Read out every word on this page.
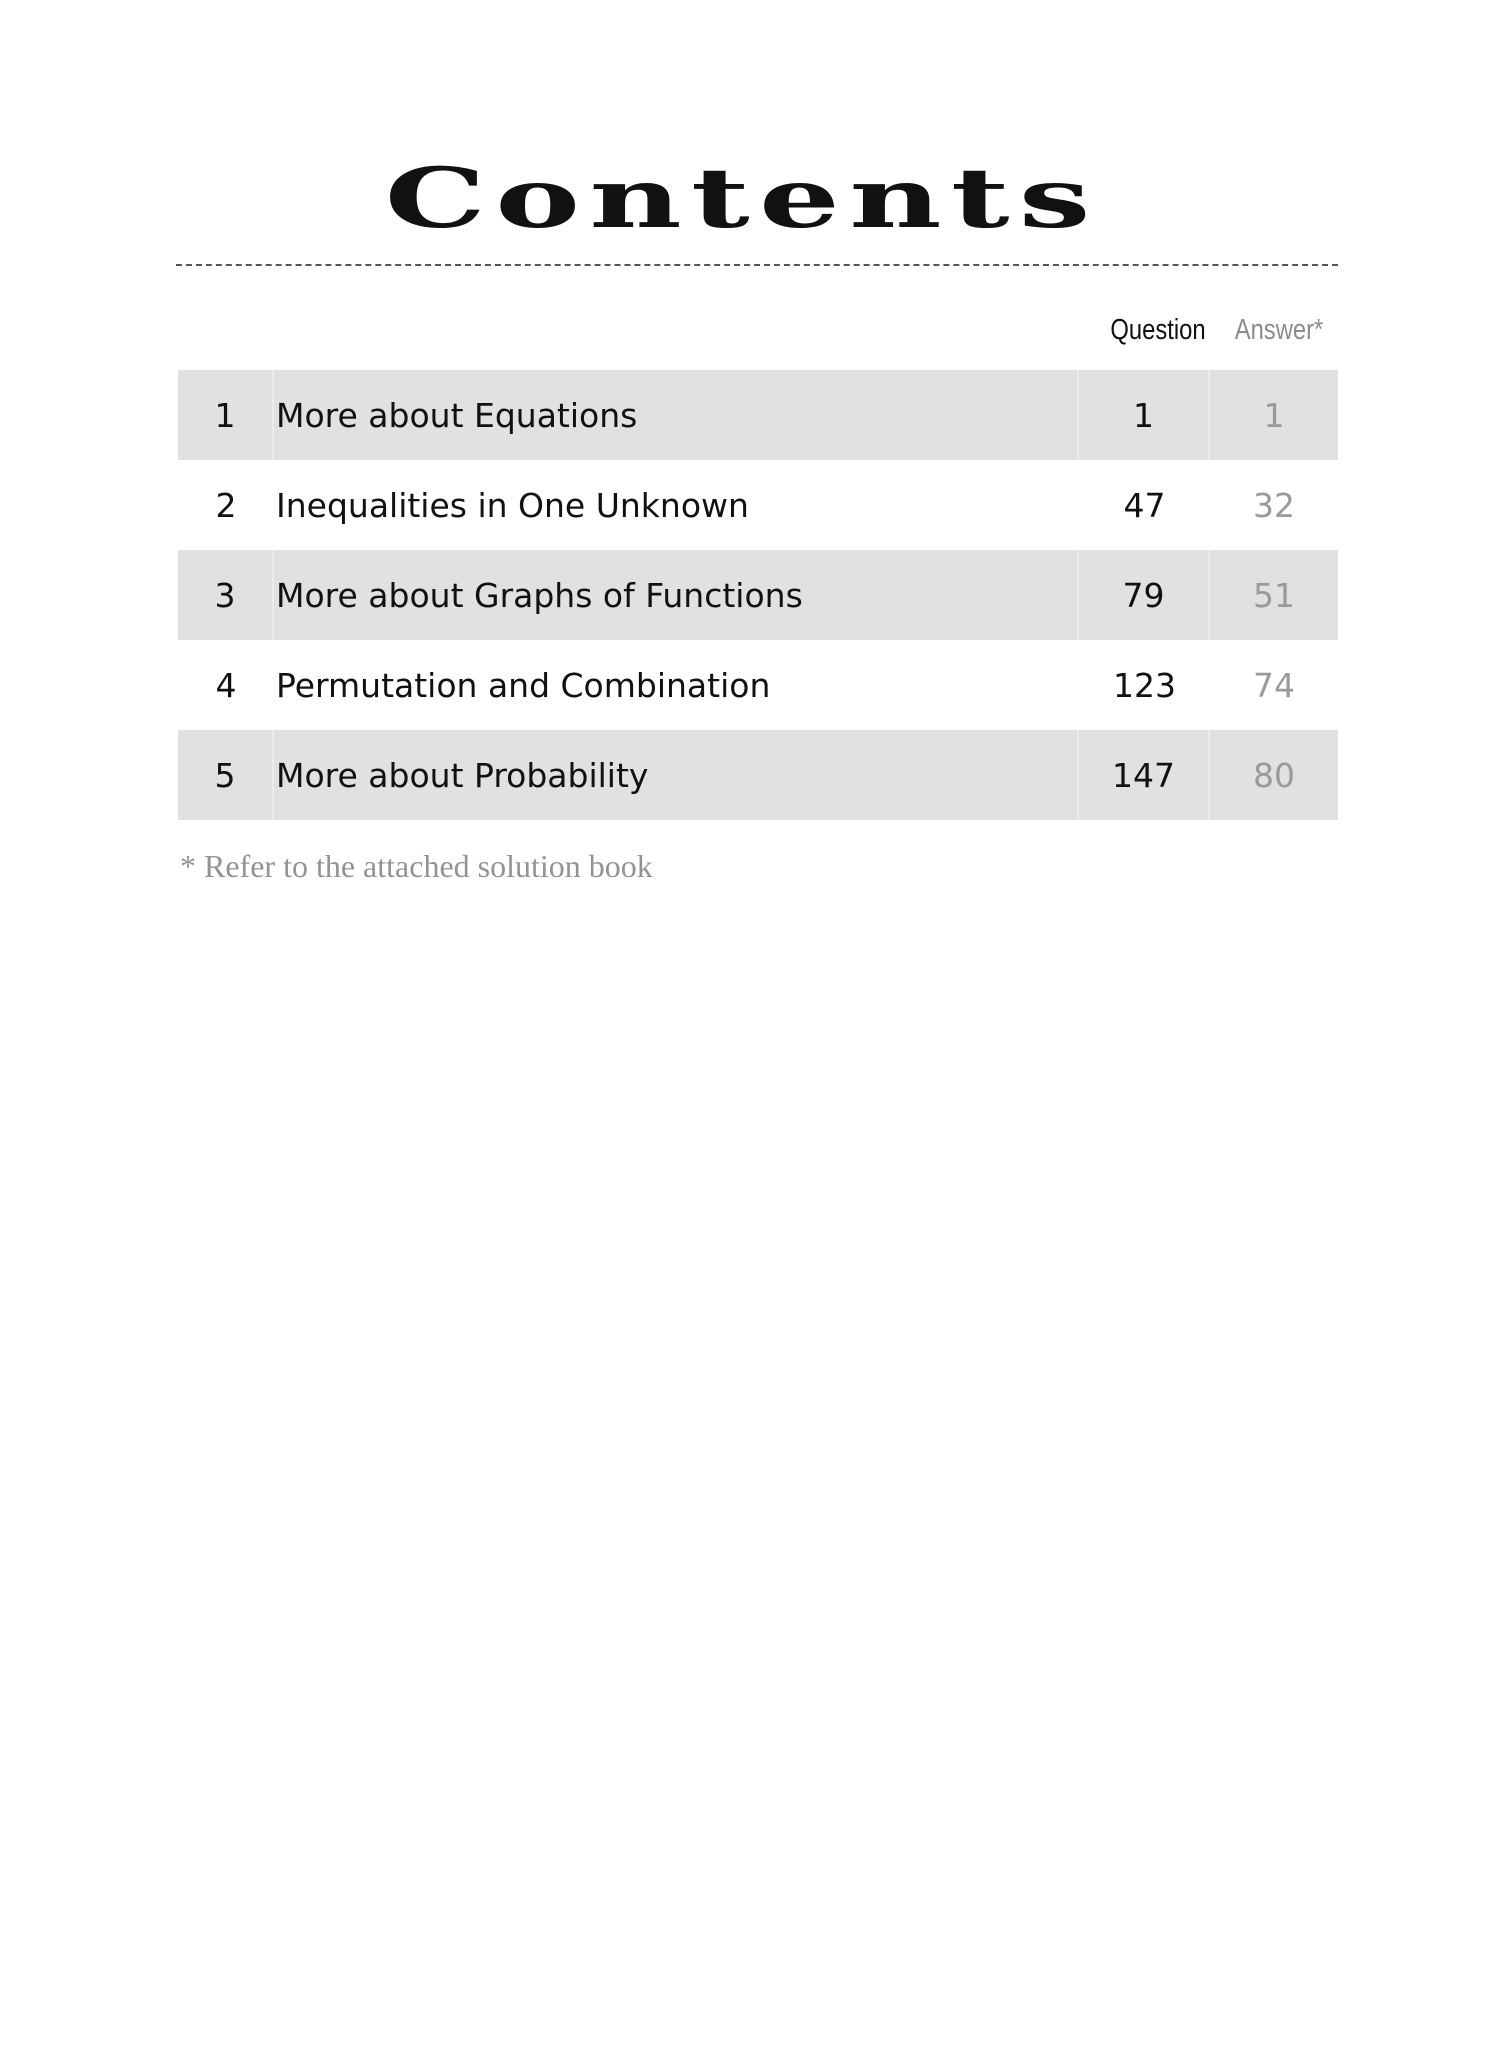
Contents
Question Answer*
1	More about Equations	1	1
2	Inequalities in One Unknown	47	32
3	More about Graphs of Functions	79	51
4	Permutation and Combination	123	74
5	More about Probability	147	80
* Refer to the attached solution book
